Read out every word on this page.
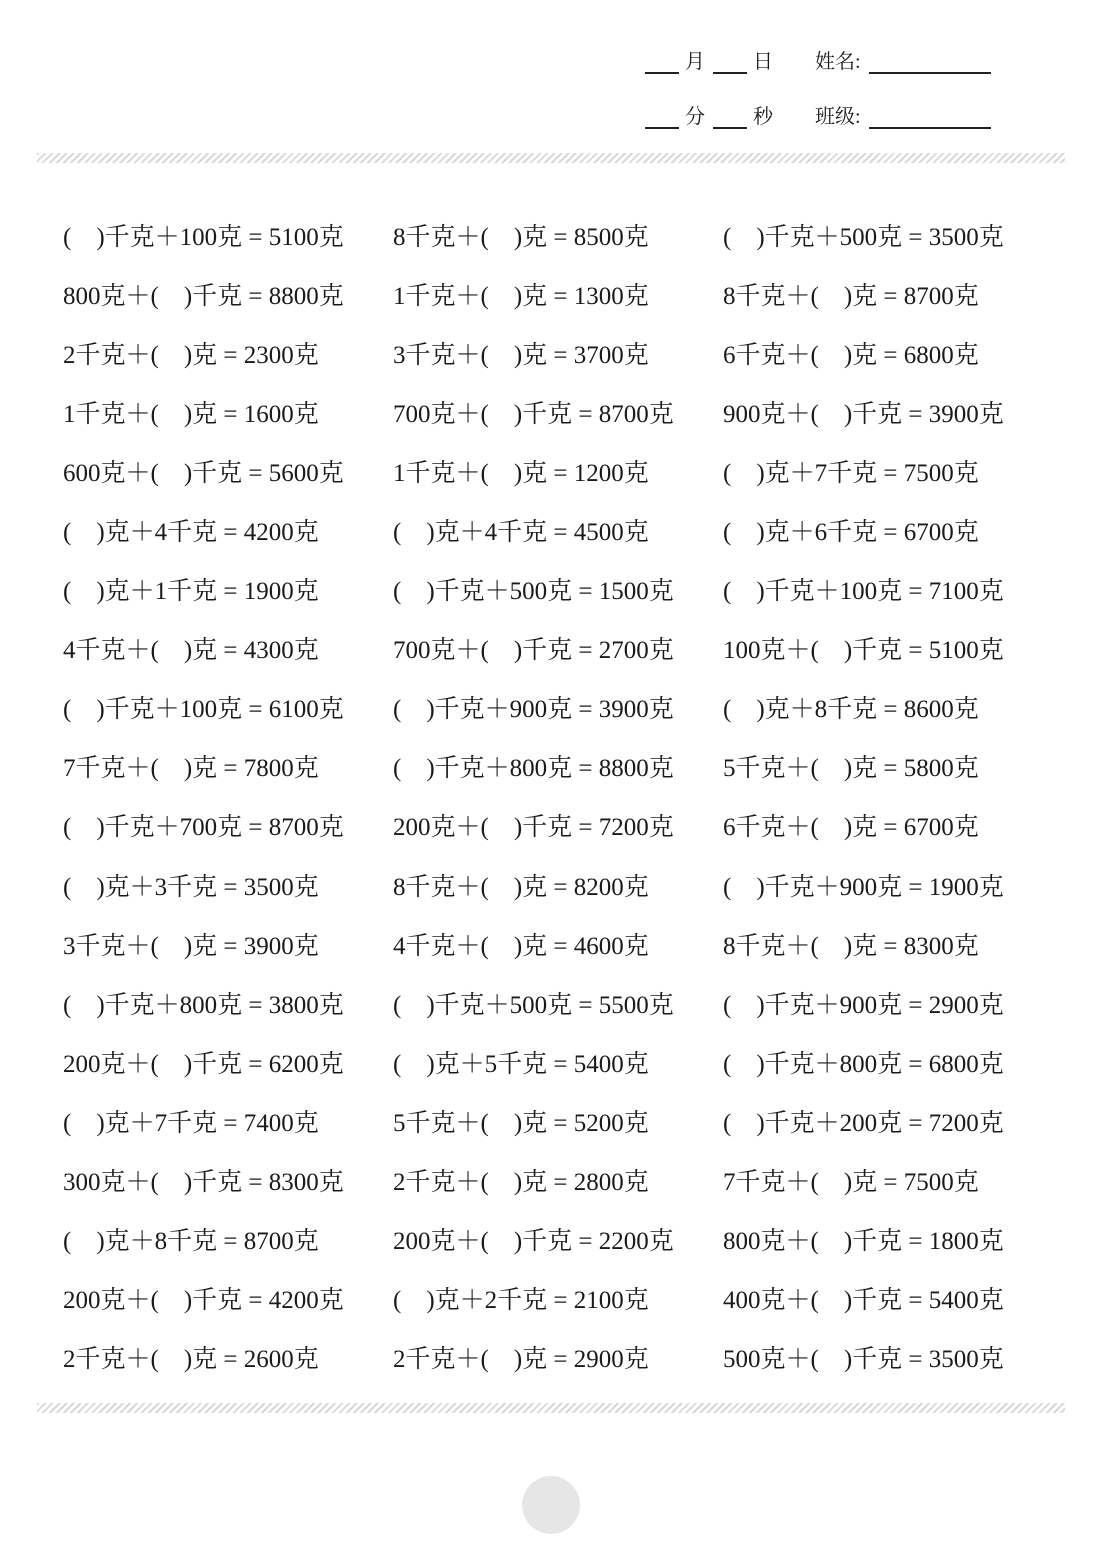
月 日 姓名:
分 秒 班级:
(    )千克＋100克 = 5100克	8千克＋(    )克 = 8500克	(    )千克＋500克 = 3500克
800克＋(    )千克 = 8800克	1千克＋(    )克 = 1300克	8千克＋(    )克 = 8700克
2千克＋(    )克 = 2300克	3千克＋(    )克 = 3700克	6千克＋(    )克 = 6800克
1千克＋(    )克 = 1600克	700克＋(    )千克 = 8700克	900克＋(    )千克 = 3900克
600克＋(    )千克 = 5600克	1千克＋(    )克 = 1200克	(    )克＋7千克 = 7500克
(    )克＋4千克 = 4200克	(    )克＋4千克 = 4500克	(    )克＋6千克 = 6700克
(    )克＋1千克 = 1900克	(    )千克＋500克 = 1500克	(    )千克＋100克 = 7100克
4千克＋(    )克 = 4300克	700克＋(    )千克 = 2700克	100克＋(    )千克 = 5100克
(    )千克＋100克 = 6100克	(    )千克＋900克 = 3900克	(    )克＋8千克 = 8600克
7千克＋(    )克 = 7800克	(    )千克＋800克 = 8800克	5千克＋(    )克 = 5800克
(    )千克＋700克 = 8700克	200克＋(    )千克 = 7200克	6千克＋(    )克 = 6700克
(    )克＋3千克 = 3500克	8千克＋(    )克 = 8200克	(    )千克＋900克 = 1900克
3千克＋(    )克 = 3900克	4千克＋(    )克 = 4600克	8千克＋(    )克 = 8300克
(    )千克＋800克 = 3800克	(    )千克＋500克 = 5500克	(    )千克＋900克 = 2900克
200克＋(    )千克 = 6200克	(    )克＋5千克 = 5400克	(    )千克＋800克 = 6800克
(    )克＋7千克 = 7400克	5千克＋(    )克 = 5200克	(    )千克＋200克 = 7200克
300克＋(    )千克 = 8300克	2千克＋(    )克 = 2800克	7千克＋(    )克 = 7500克
(    )克＋8千克 = 8700克	200克＋(    )千克 = 2200克	800克＋(    )千克 = 1800克
200克＋(    )千克 = 4200克	(    )克＋2千克 = 2100克	400克＋(    )千克 = 5400克
2千克＋(    )克 = 2600克	2千克＋(    )克 = 2900克	500克＋(    )千克 = 3500克
